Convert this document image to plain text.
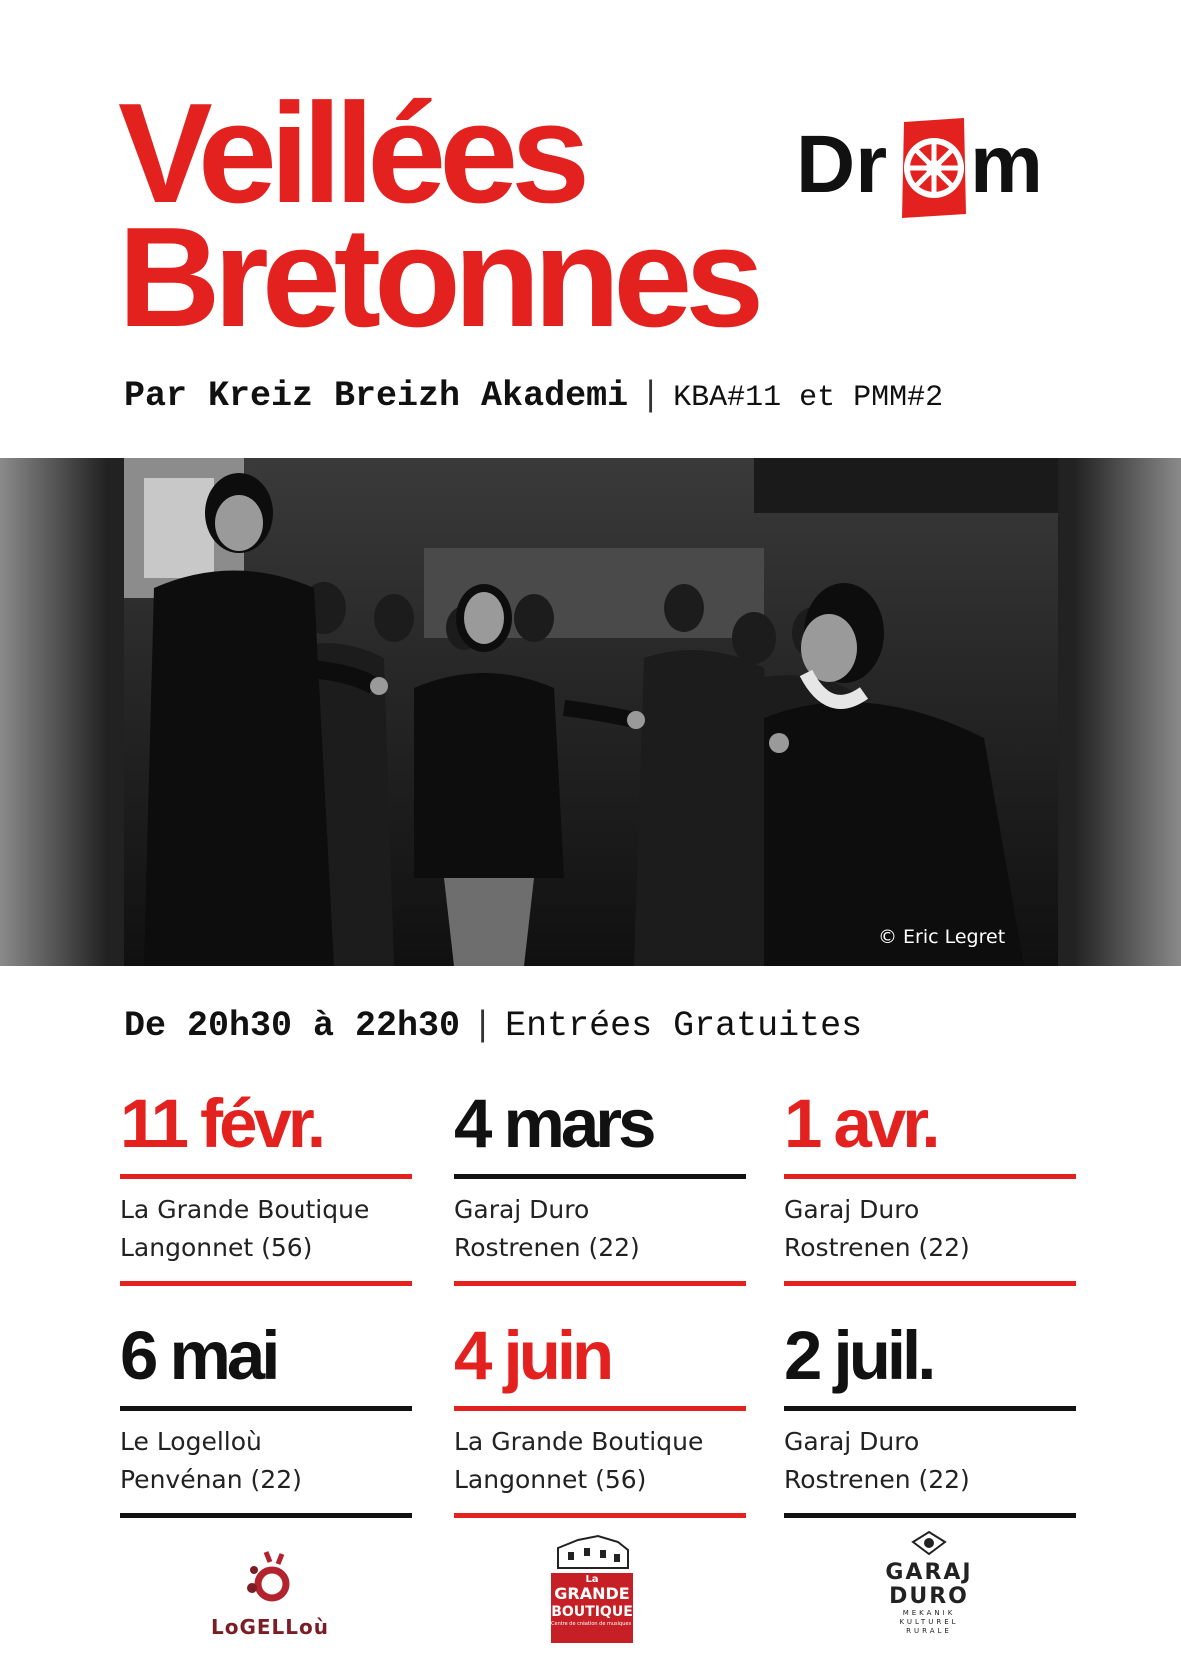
Veillées
Bretonnes
Dr m
Par Kreiz Breizh Akademi | KBA#11 et PMM#2
© Eric Legret
De 20h30 à 22h30 | Entrées Gratuites
11 févr.
La Grande Boutique
Langonnet (56)
4 mars
Garaj Duro
Rostrenen (22)
1 avr.
Garaj Duro
Rostrenen (22)
6 mai
Le Logelloù
Penvénan (22)
4 juin
La Grande Boutique
Langonnet (56)
2 juil.
Garaj Duro
Rostrenen (22)
LoGELLoù
La
GRANDE
BOUTIQUE
Centre de création de musiques populaires
GARAJ
DURO
MEKANIK
KULTUREL
RURALE
